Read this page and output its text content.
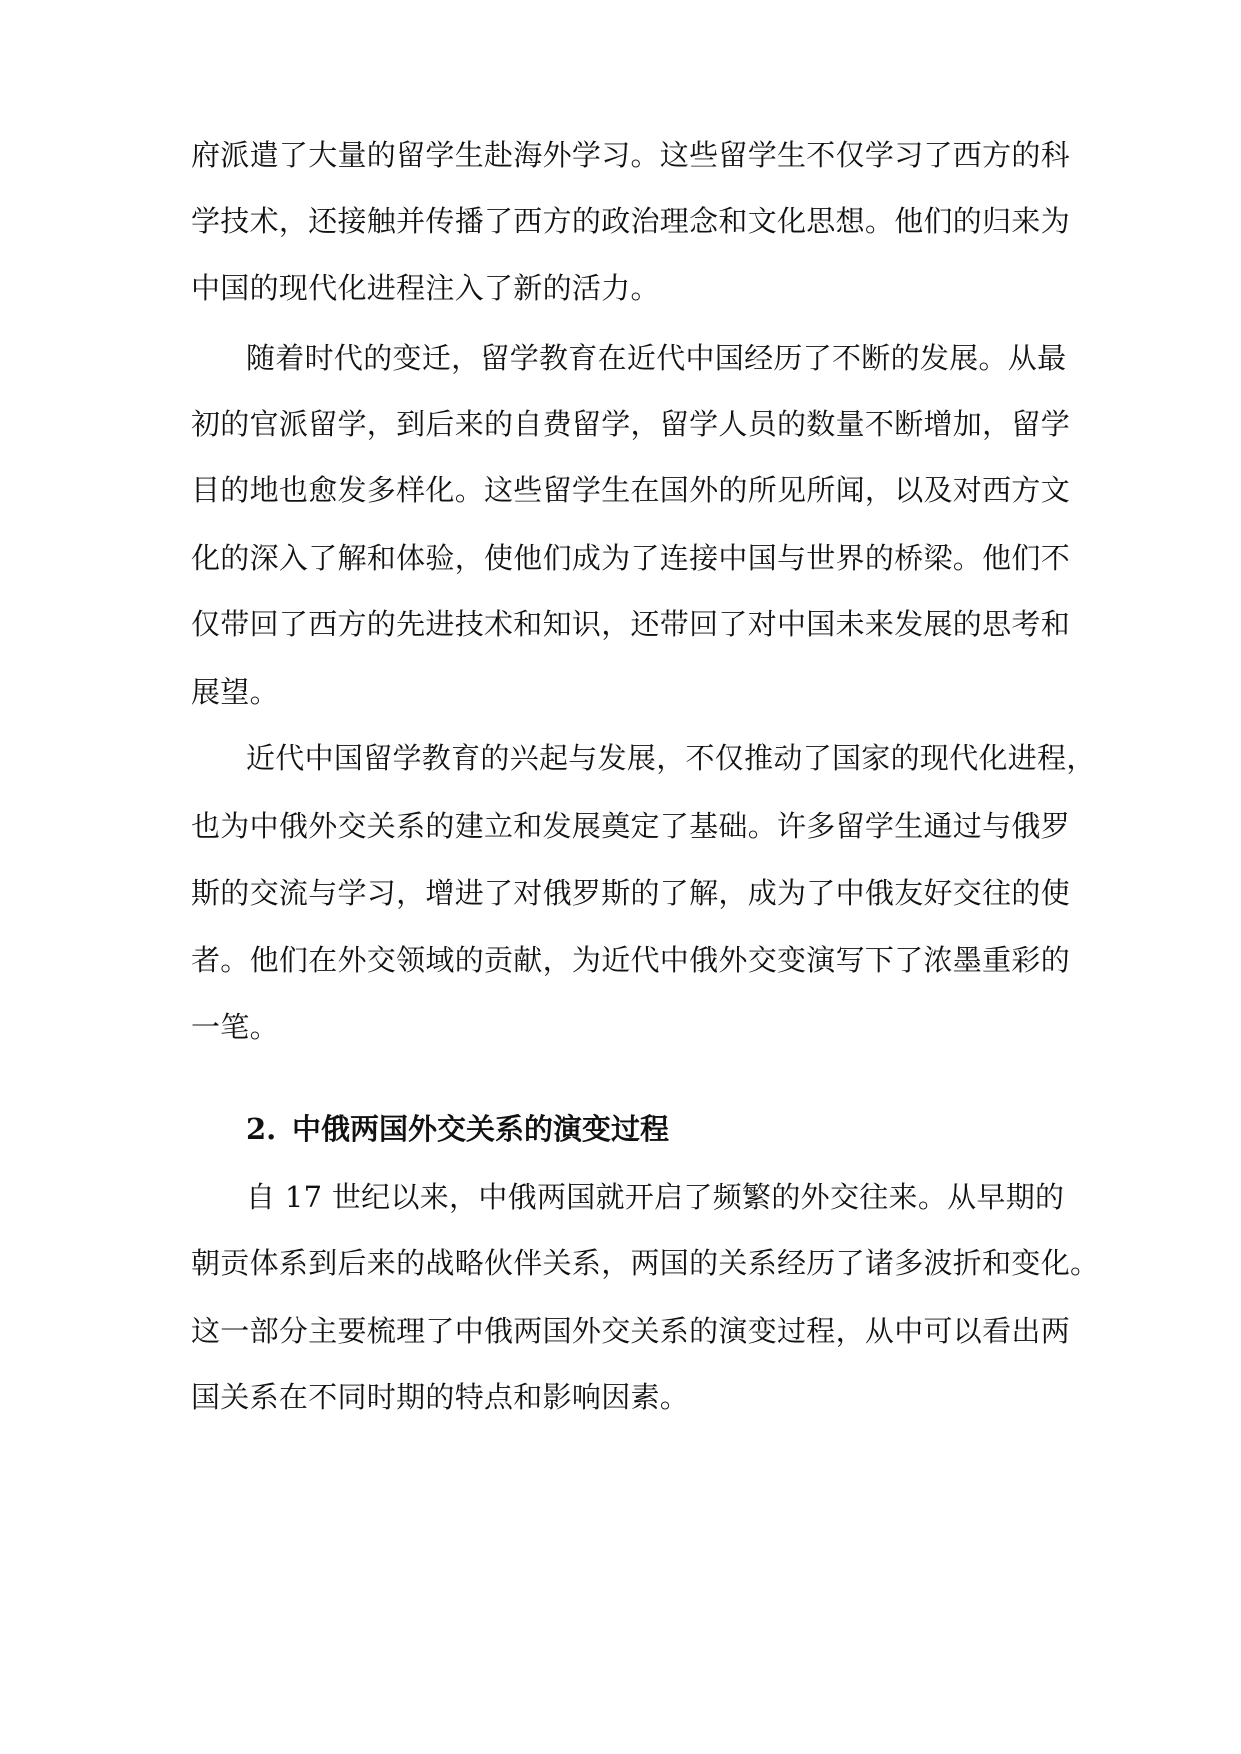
府派遣了大量的留学生赴海外学习。这些留学生不仅学习了西方的科

学技术，还接触并传播了西方的政治理念和文化思想。他们的归来为

中国的现代化进程注入了新的活力。

随着时代的变迁，留学教育在近代中国经历了不断的发展。从最

初的官派留学，到后来的自费留学，留学人员的数量不断增加，留学

目的地也愈发多样化。这些留学生在国外的所见所闻，以及对西方文

化的深入了解和体验，使他们成为了连接中国与世界的桥梁。他们不

仅带回了西方的先进技术和知识，还带回了对中国未来发展的思考和

展望。

近代中国留学教育的兴起与发展，不仅推动了国家的现代化进程，

也为中俄外交关系的建立和发展奠定了基础。许多留学生通过与俄罗

斯的交流与学习，增进了对俄罗斯的了解，成为了中俄友好交往的使

者。他们在外交领域的贡献，为近代中俄外交变演写下了浓墨重彩的

一笔。

2. 中俄两国外交关系的演变过程

自 17 世纪以来，中俄两国就开启了频繁的外交往来。从早期的

朝贡体系到后来的战略伙伴关系，两国的关系经历了诸多波折和变化。

这一部分主要梳理了中俄两国外交关系的演变过程，从中可以看出两

国关系在不同时期的特点和影响因素。
